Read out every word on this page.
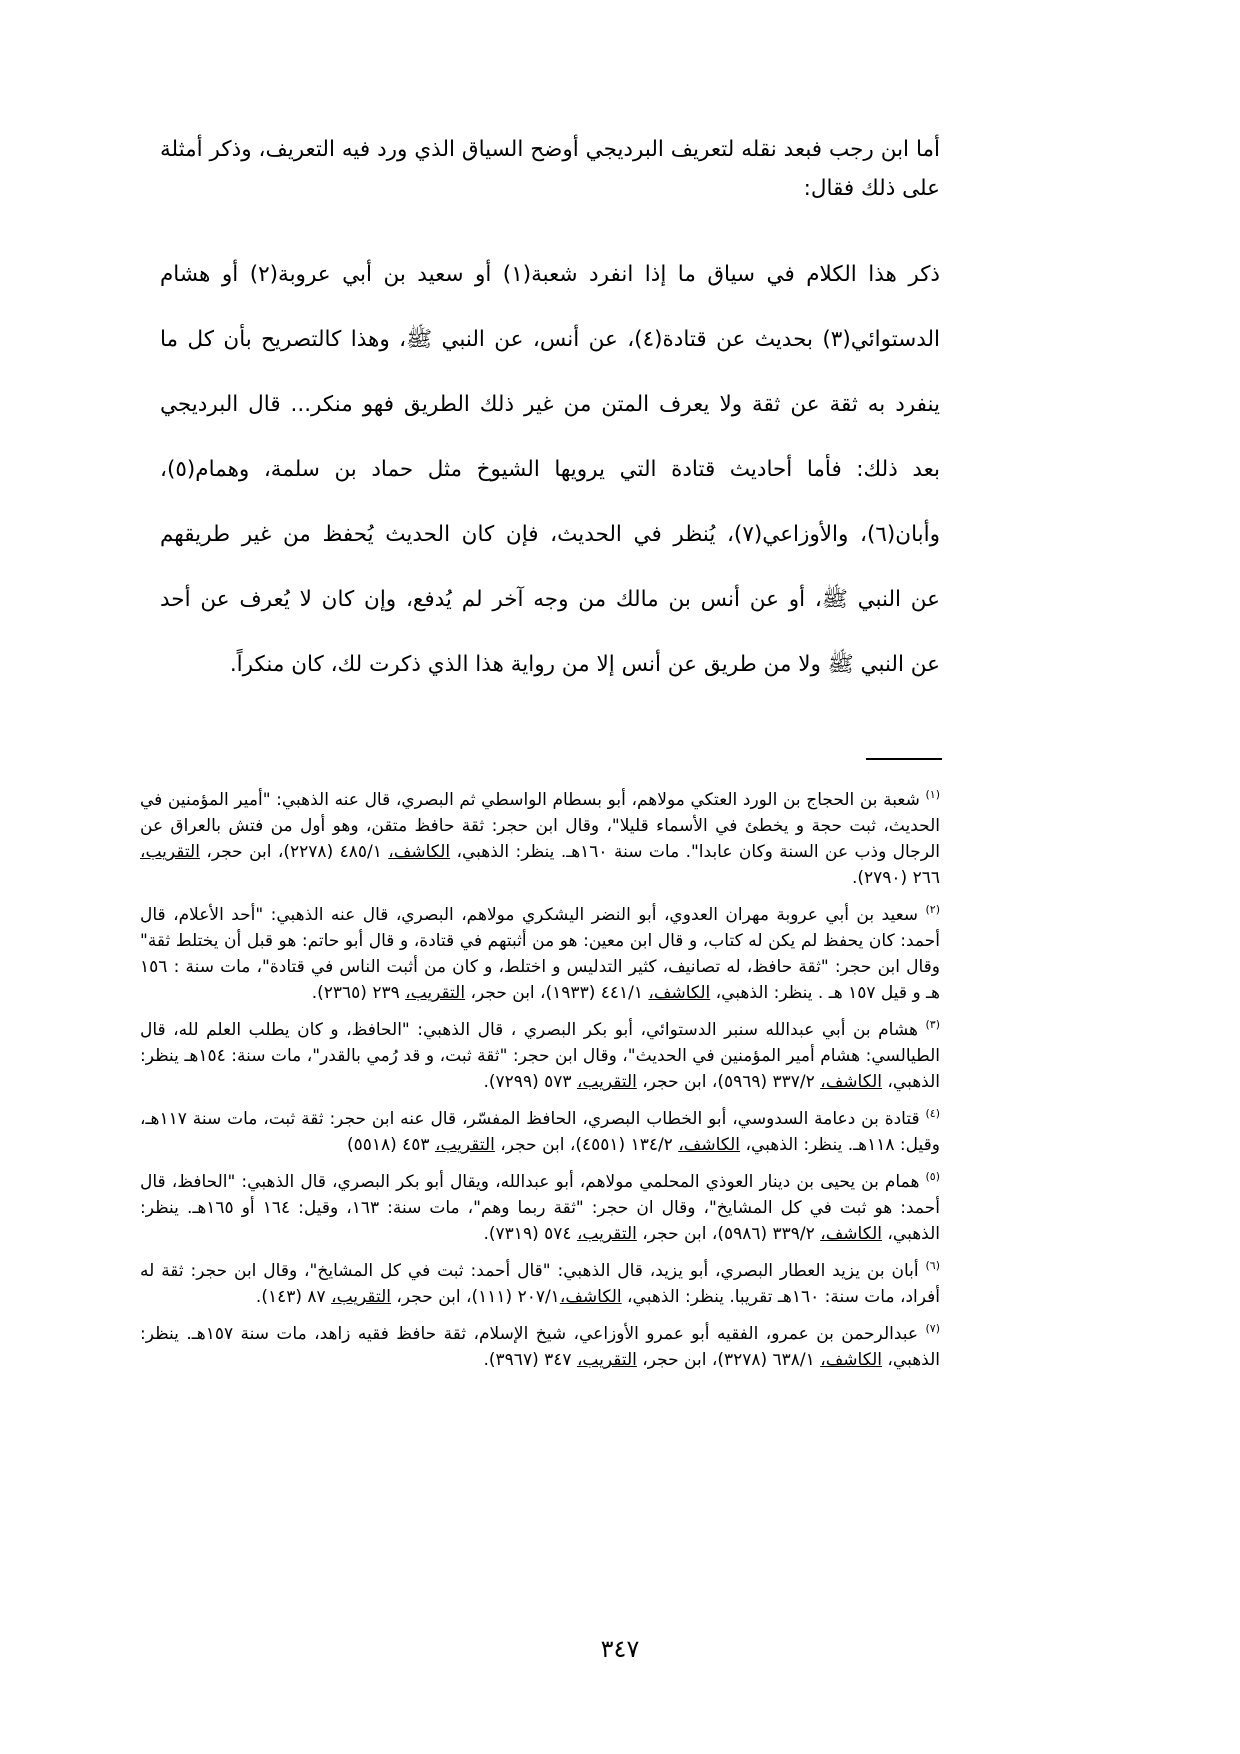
أما ابن رجب فبعد نقله لتعريف البرديجي أوضح السياق الذي ورد فيه التعريف، وذكر أمثلة على ذلك فقال:

ذكر هذا الكلام في سياق ما إذا انفرد شعبة(١) أو سعيد بن أبي عروبة(٢) أو هشام
الدستوائي(٣) بحديث عن قتادة(٤)، عن أنس، عن النبي ﷺ، وهذا كالتصريح بأن كل ما
ينفرد به ثقة عن ثقة ولا يعرف المتن من غير ذلك الطريق فهو منكر... قال البرديجي
بعد ذلك: فأما أحاديث قتادة التي يرويها الشيوخ مثل حماد بن سلمة، وهمام(٥)،
وأبان(٦)، والأوزاعي(٧)، يُنظر في الحديث، فإن كان الحديث يُحفظ من غير طريقهم
عن النبي ﷺ، أو عن أنس بن مالك من وجه آخر لم يُدفع، وإن كان لا يُعرف عن أحد
عن النبي ﷺ ولا من طريق عن أنس إلا من رواية هذا الذي ذكرت لك، كان منكراً.

$^{(١)}$ شعبة بن الحجاج بن الورد العتكي مولاهم، أبو بسطام الواسطي ثم البصري، قال عنه الذهبي: "أمير المؤمنين في الحديث، ثبت حجة و يخطئ في الأسماء قليلا"، وقال ابن حجر: ثقة حافظ متقن، وهو أول من فتش بالعراق عن الرجال وذب عن السنة وكان عابدا". مات سنة ١٦٠هـ. ينظر: الذهبي، الكاشف، ٤٨٥/١ (٢٢٧٨)، ابن حجر، التقريب، ٢٦٦ (٢٧٩٠).

$^{(٢)}$ سعيد بن أبي عروبة مهران العدوي، أبو النضر اليشكري مولاهم، البصري، قال عنه الذهبي: "أحد الأعلام، قال أحمد: كان يحفظ لم يكن له كتاب، و قال ابن معين: هو من أثبتهم في قتادة، و قال أبو حاتم: هو قبل أن يختلط ثقة" وقال ابن حجر: "ثقة حافظ، له تصانيف، كثير التدليس و اختلط، و كان من أثبت الناس في قتادة"، مات سنة : ١٥٦ هـ و قيل ١٥٧ هـ . ينظر: الذهبي، الكاشف، ٤٤١/١ (١٩٣٣)، ابن حجر، التقريب، ٢٣٩ (٢٣٦٥).

$^{(٣)}$ هشام بن أبي عبدالله سنبر الدستوائي، أبو بكر البصري ، قال الذهبي: "الحافظ، و كان يطلب العلم لله، قال الطيالسي: هشام أمير المؤمنين في الحديث"، وقال ابن حجر: "ثقة ثبت، و قد رُمي بالقدر"، مات سنة: ١٥٤هـ ينظر: الذهبي، الكاشف، ٣٣٧/٢ (٥٩٦٩)، ابن حجر، التقريب، ٥٧٣ (٧٢٩٩).

$^{(٤)}$ قتادة بن دعامة السدوسي، أبو الخطاب البصري، الحافظ المفسّر، قال عنه ابن حجر: ثقة ثبت، مات سنة ١١٧هـ، وقيل: ١١٨هـ. ينظر: الذهبي، الكاشف، ١٣٤/٢ (٤٥٥١)، ابن حجر، التقريب، ٤٥٣ (٥٥١٨)

$^{(٥)}$ همام بن يحيى بن دينار العوذي المحلمي مولاهم، أبو عبدالله، ويقال أبو بكر البصري، قال الذهبي: "الحافظ، قال أحمد: هو ثبت في كل المشايخ"، وقال ان حجر: "ثقة ربما وهم"، مات سنة: ١٦٣، وقيل: ١٦٤ أو ١٦٥هـ. ينظر: الذهبي، الكاشف، ٣٣٩/٢ (٥٩٨٦)، ابن حجر، التقريب، ٥٧٤ (٧٣١٩).

$^{(٦)}$ أبان بن يزيد العطار البصري، أبو يزيد، قال الذهبي: "قال أحمد: ثبت في كل المشايخ"، وقال ابن حجر: ثقة له أفراد، مات سنة: ١٦٠هـ تقريبا. ينظر: الذهبي، الكاشف،٢٠٧/١ (١١١)، ابن حجر، التقريب، ٨٧ (١٤٣).

$^{(٧)}$ عبدالرحمن بن عمرو، الفقيه أبو عمرو الأوزاعي، شيخ الإسلام، ثقة حافظ فقيه زاهد، مات سنة ١٥٧هـ. ينظر: الذهبي، الكاشف، ٦٣٨/١ (٣٢٧٨)، ابن حجر، التقريب، ٣٤٧ (٣٩٦٧).

٣٤٧
